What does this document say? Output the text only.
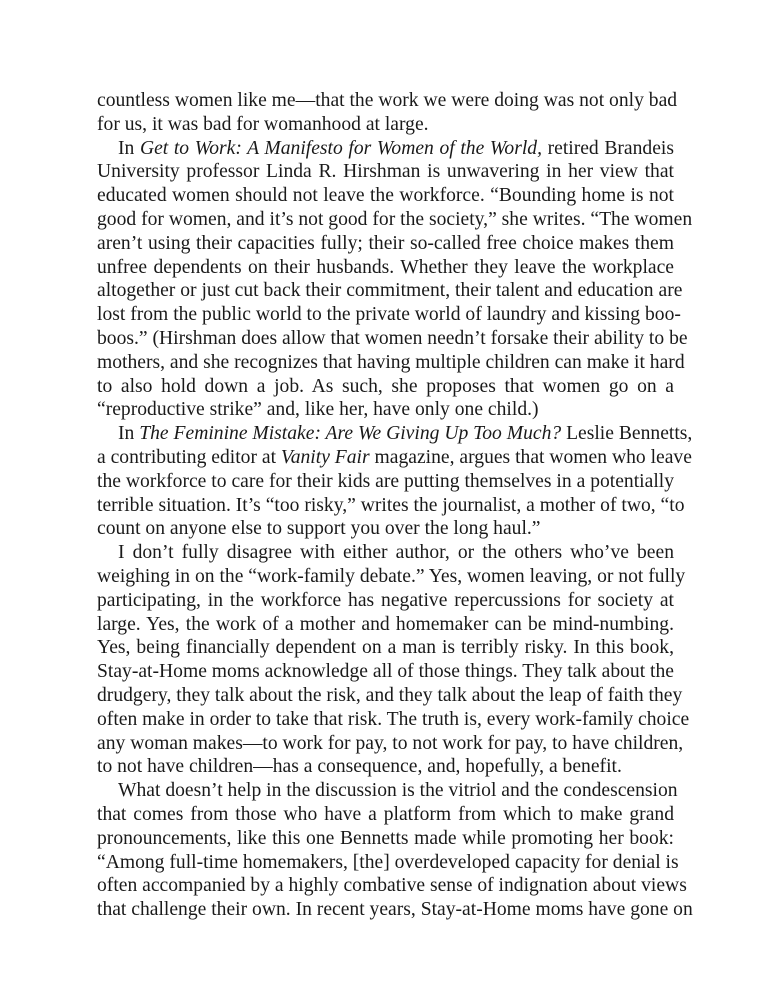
countless women like me—that the work we were doing was not only bad
for us, it was bad for womanhood at large.
In Get to Work: A Manifesto for Women of the World, retired Brandeis
University professor Linda R. Hirshman is unwavering in her view that
educated women should not leave the workforce. “Bounding home is not
good for women, and it’s not good for the society,” she writes. “The women
aren’t using their capacities fully; their so-called free choice makes them
unfree dependents on their husbands. Whether they leave the workplace
altogether or just cut back their commitment, their talent and education are
lost from the public world to the private world of laundry and kissing boo-
boos.” (Hirshman does allow that women needn’t forsake their ability to be
mothers, and she recognizes that having multiple children can make it hard
to also hold down a job. As such, she proposes that women go on a
“reproductive strike” and, like her, have only one child.)
In The Feminine Mistake: Are We Giving Up Too Much? Leslie Bennetts,
a contributing editor at Vanity Fair magazine, argues that women who leave
the workforce to care for their kids are putting themselves in a potentially
terrible situation. It’s “too risky,” writes the journalist, a mother of two, “to
count on anyone else to support you over the long haul.”
I don’t fully disagree with either author, or the others who’ve been
weighing in on the “work-family debate.” Yes, women leaving, or not fully
participating, in the workforce has negative repercussions for society at
large. Yes, the work of a mother and homemaker can be mind-numbing.
Yes, being financially dependent on a man is terribly risky. In this book,
Stay-at-Home moms acknowledge all of those things. They talk about the
drudgery, they talk about the risk, and they talk about the leap of faith they
often make in order to take that risk. The truth is, every work-family choice
any woman makes—to work for pay, to not work for pay, to have children,
to not have children—has a consequence, and, hopefully, a benefit.
What doesn’t help in the discussion is the vitriol and the condescension
that comes from those who have a platform from which to make grand
pronouncements, like this one Bennetts made while promoting her book:
“Among full-time homemakers, [the] overdeveloped capacity for denial is
often accompanied by a highly combative sense of indignation about views
that challenge their own. In recent years, Stay-at-Home moms have gone on
